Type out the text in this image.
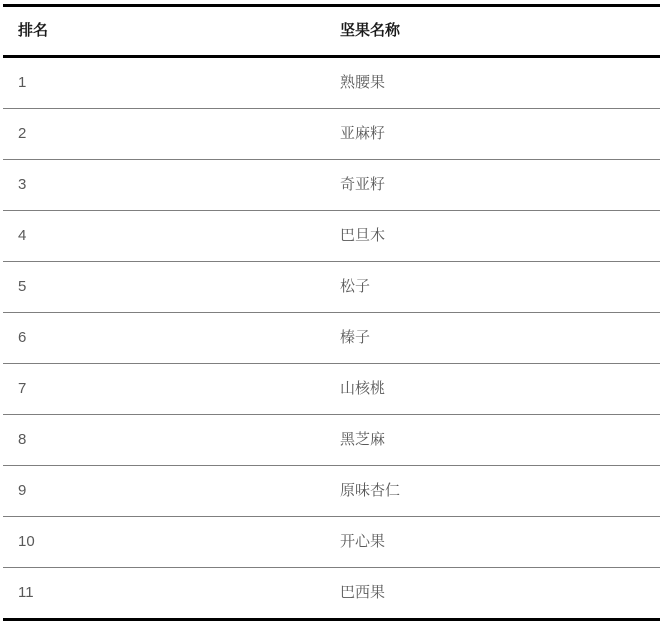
排名	坚果名称
1	熟腰果
2	亚麻籽
3	奇亚籽
4	巴旦木
5	松子
6	榛子
7	山核桃
8	黑芝麻
9	原味杏仁
10	开心果
11	巴西果
